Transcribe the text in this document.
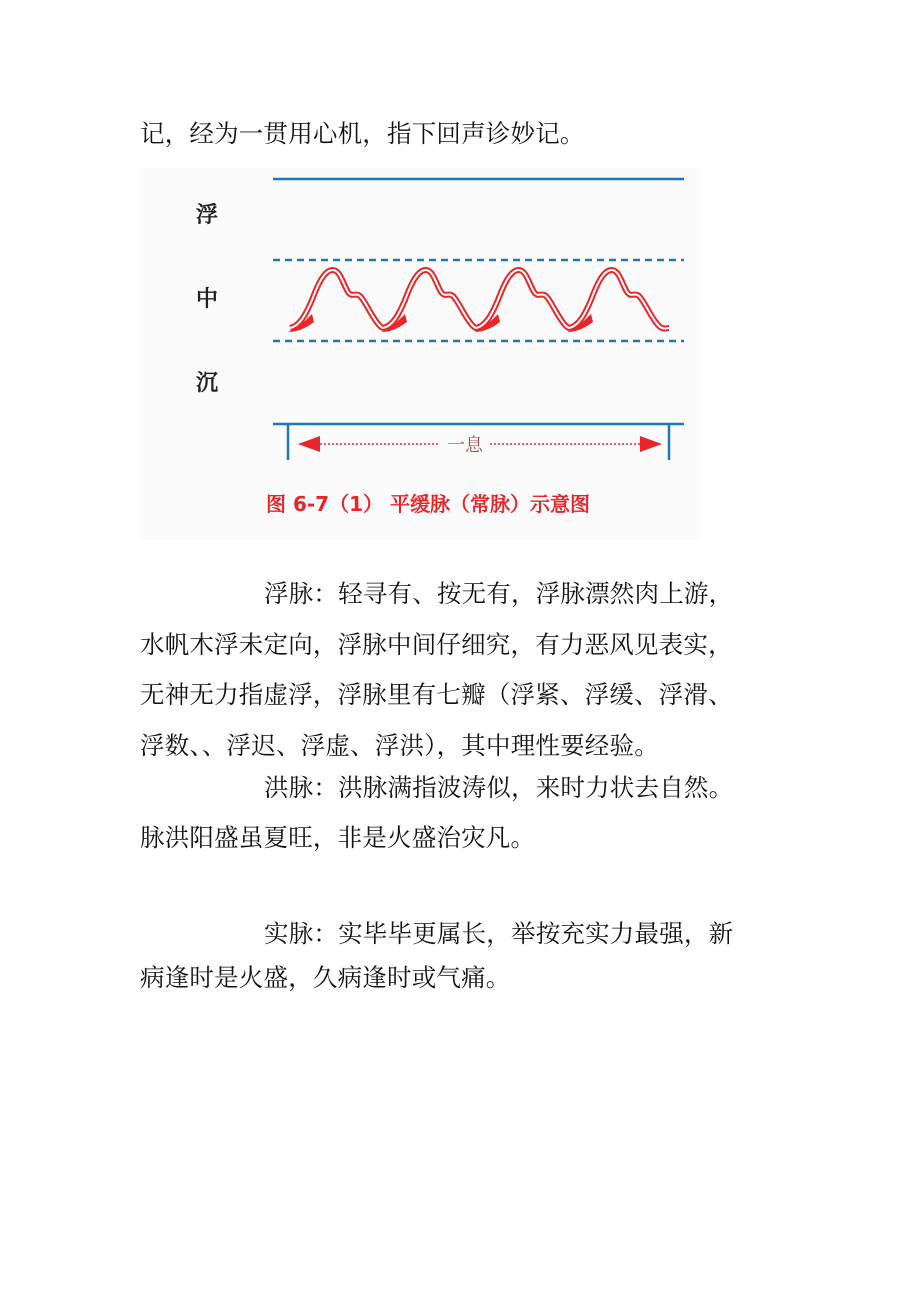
记，经为一贯用心机，指下回声诊妙记。
浮
中
沉
一息
图 6-7（1） 平缓脉（常脉）示意图
浮脉：轻寻有、按无有，浮脉漂然肉上游，
水帆木浮未定向，浮脉中间仔细究，有力恶风见表实，
无神无力指虚浮，浮脉里有七瓣（浮紧、浮缓、浮滑、
浮数、、浮迟、浮虚、浮洪），其中理性要经验。
洪脉：洪脉满指波涛似，来时力状去自然。
脉洪阳盛虽夏旺，非是火盛治灾凡。
实脉：实毕毕更属长，举按充实力最强，新
病逢时是火盛，久病逢时或气痛。
